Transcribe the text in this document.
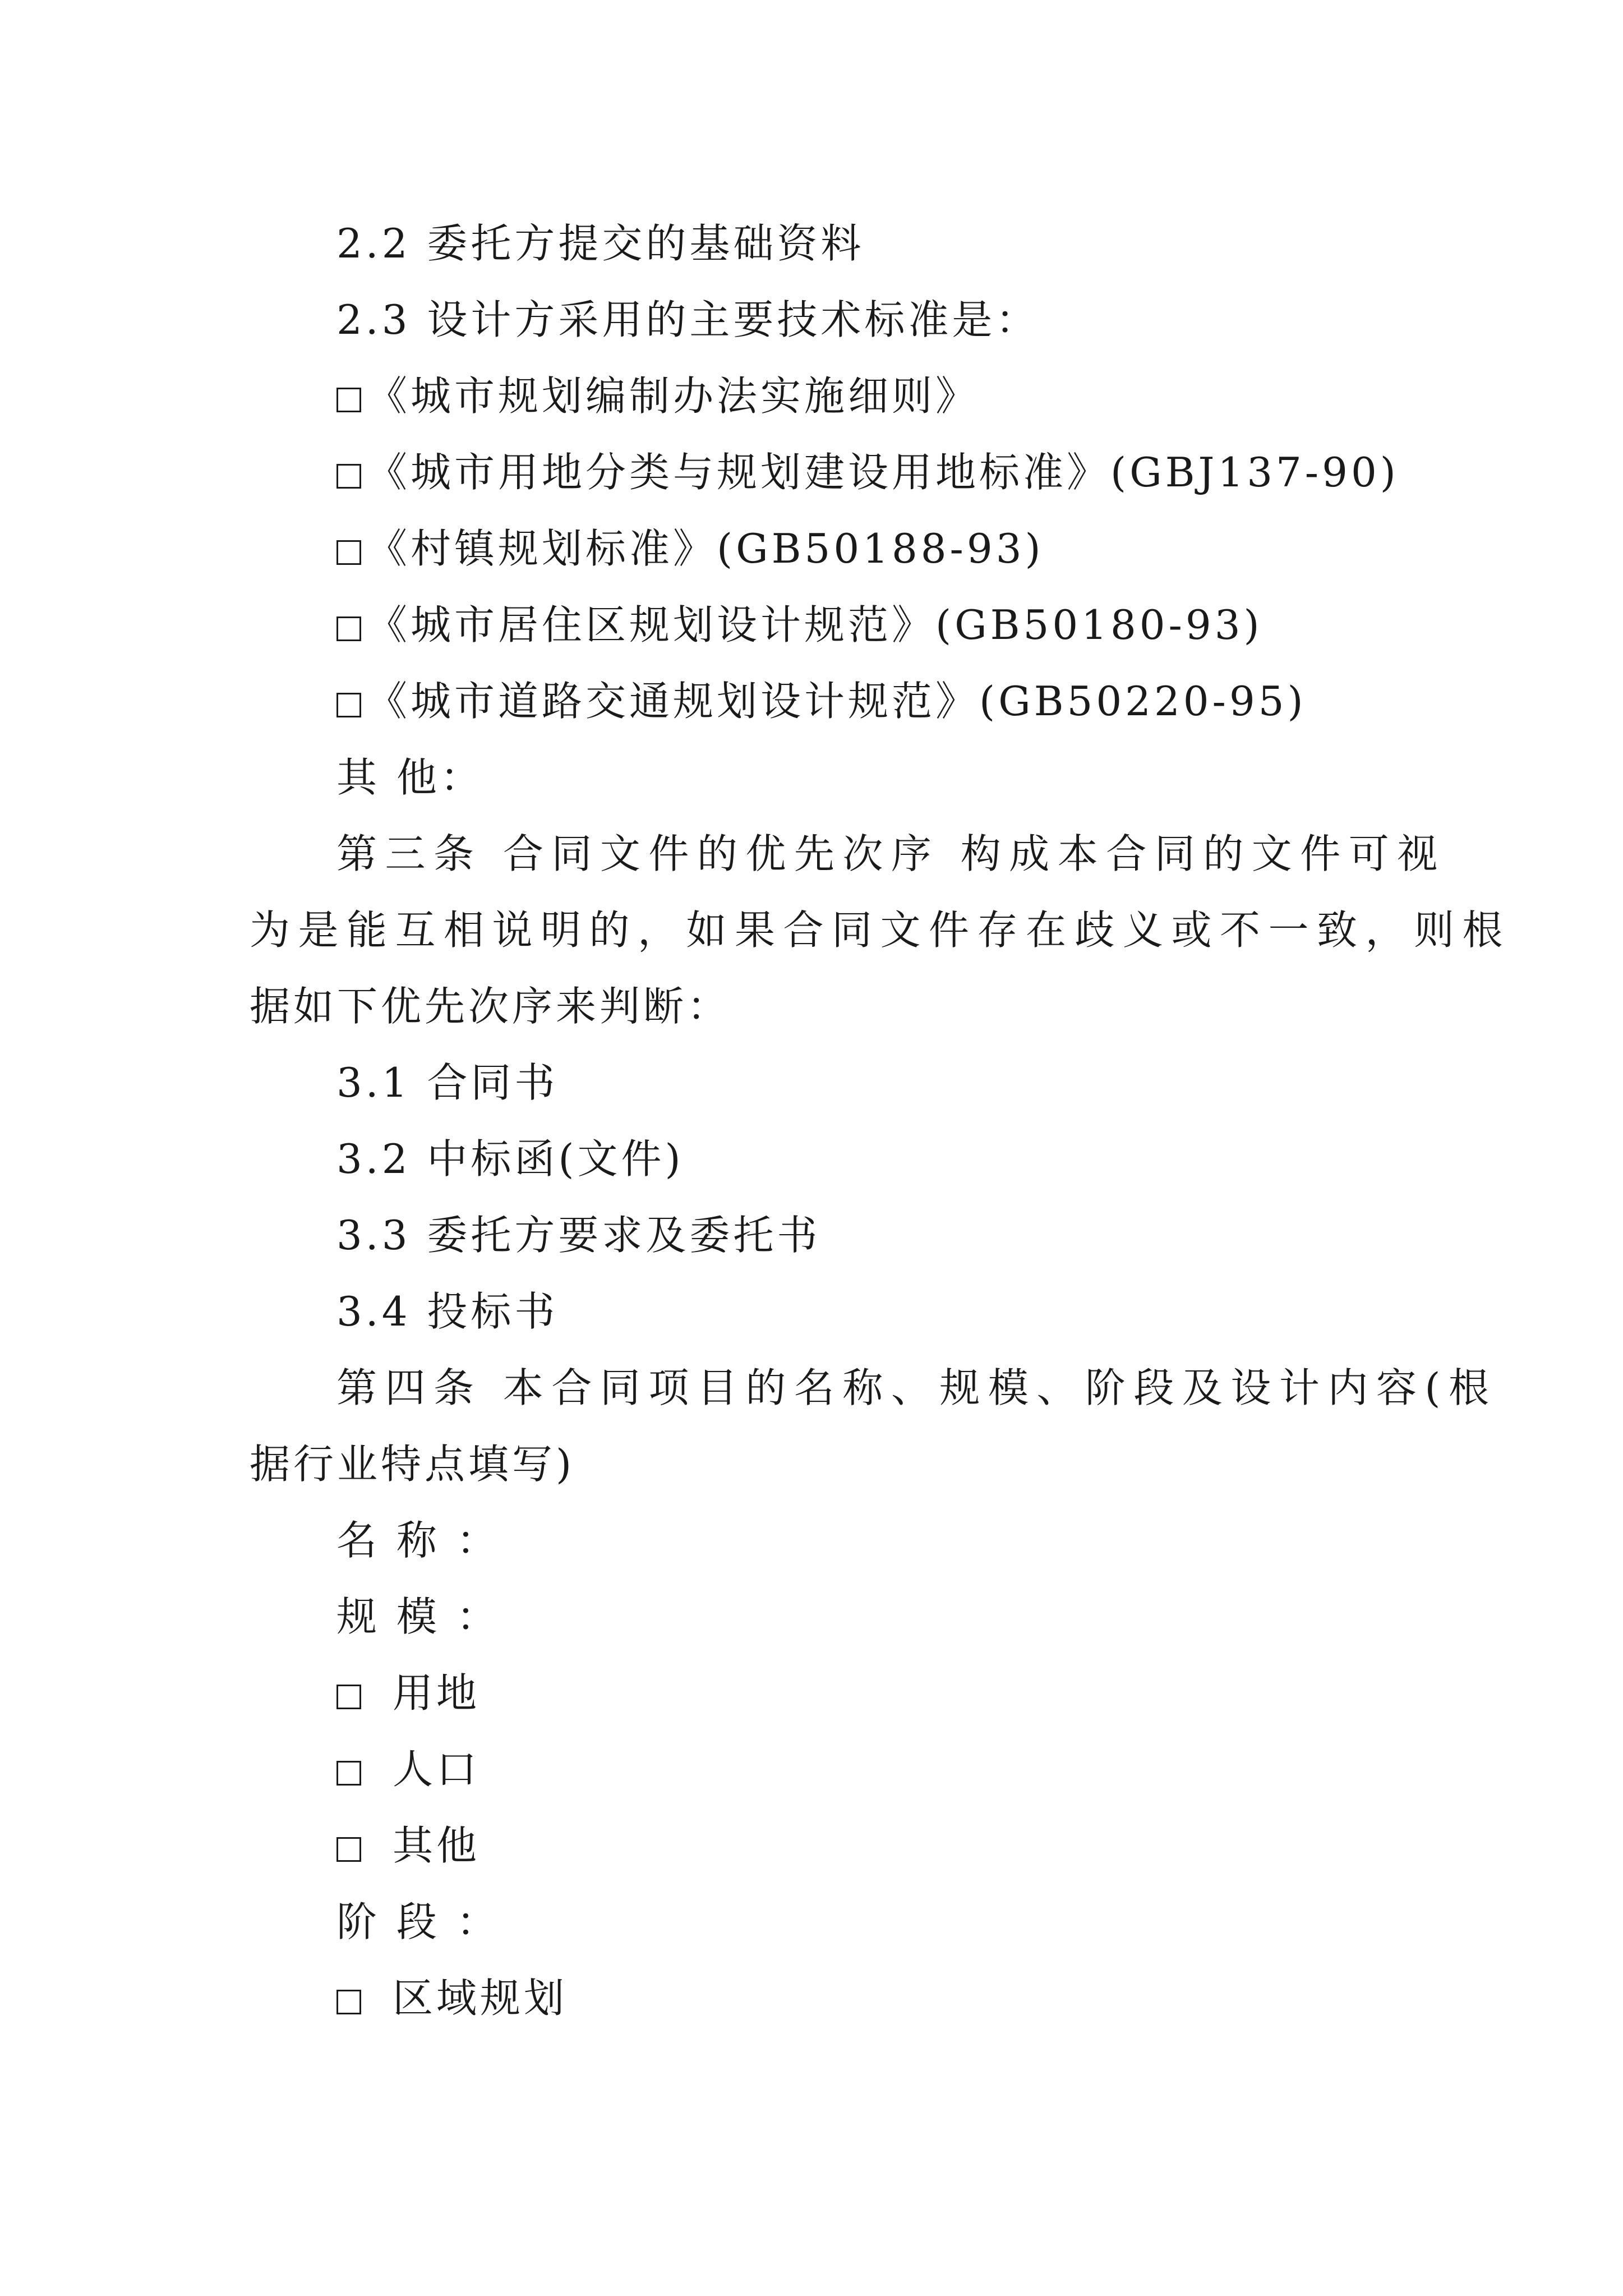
2.2 委托方提交的基础资料
2.3 设计方采用的主要技术标准是：
《城市规划编制办法实施细则》
《城市用地分类与规划建设用地标准》(GBJ137-90)
《村镇规划标准》(GB50188-93)
《城市居住区规划设计规范》(GB50180-93)
《城市道路交通规划设计规范》(GB50220-95)
其 他：
第三条 合同文件的优先次序 构成本合同的文件可视
为是能互相说明的，如果合同文件存在歧义或不一致，则根
据如下优先次序来判断：
3.1 合同书
3.2 中标函(文件)
3.3 委托方要求及委托书
3.4 投标书
第四条 本合同项目的名称、规模、阶段及设计内容(根
据行业特点填写)
名 称 ：
规 模 ：
用地
人口
其他
阶 段 ：
区域规划
